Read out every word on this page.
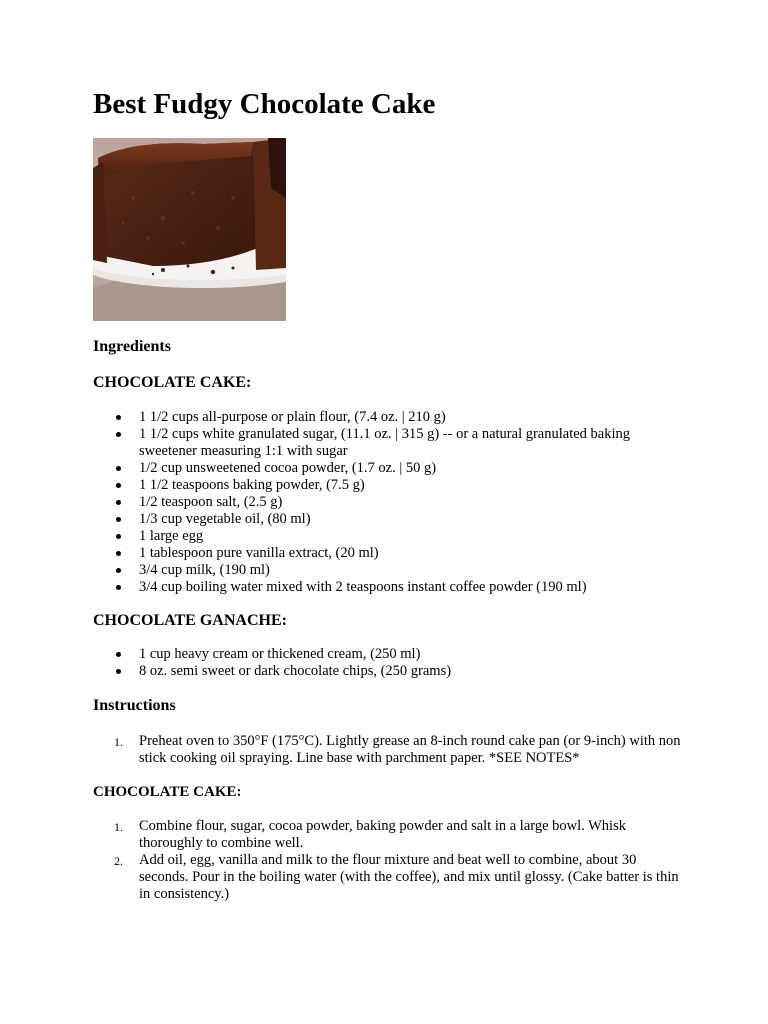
Best Fudgy Chocolate Cake
Ingredients
CHOCOLATE CAKE:
1 1/2 cups all-purpose or plain flour, (7.4 oz. | 210 g)
1 1/2 cups white granulated sugar, (11.1 oz. | 315 g) -- or a natural granulated baking sweetener measuring 1:1 with sugar
1/2 cup unsweetened cocoa powder, (1.7 oz. | 50 g)
1 1/2 teaspoons baking powder, (7.5 g)
1/2 teaspoon salt, (2.5 g)
1/3 cup vegetable oil, (80 ml)
1 large egg
1 tablespoon pure vanilla extract, (20 ml)
3/4 cup milk, (190 ml)
3/4 cup boiling water mixed with 2 teaspoons instant coffee powder (190 ml)
CHOCOLATE GANACHE:
1 cup heavy cream or thickened cream, (250 ml)
8 oz. semi sweet or dark chocolate chips, (250 grams)
Instructions
1. Preheat oven to 350°F (175°C). Lightly grease an 8-inch round cake pan (or 9-inch) with non stick cooking oil spraying. Line base with parchment paper. *SEE NOTES*
CHOCOLATE CAKE:
1. Combine flour, sugar, cocoa powder, baking powder and salt in a large bowl. Whisk thoroughly to combine well.
2. Add oil, egg, vanilla and milk to the flour mixture and beat well to combine, about 30 seconds. Pour in the boiling water (with the coffee), and mix until glossy. (Cake batter is thin in consistency.)
